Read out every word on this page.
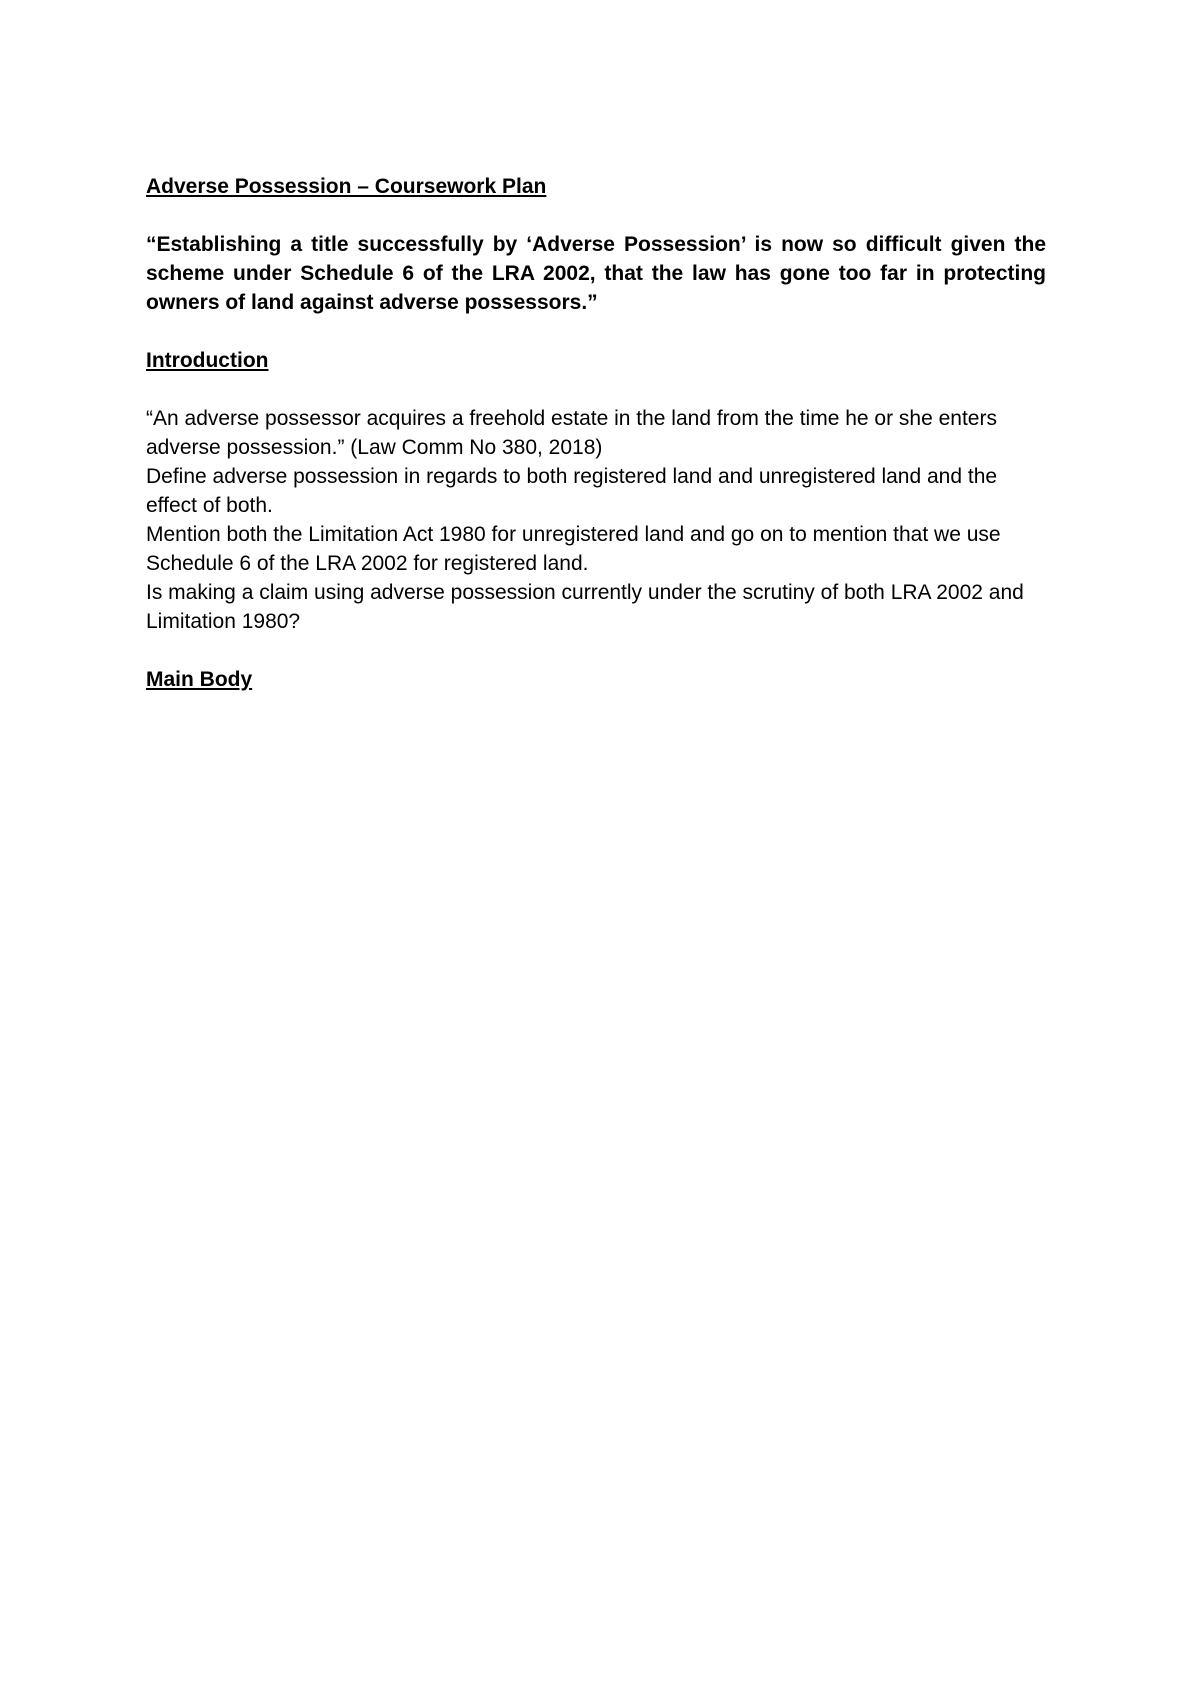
Adverse Possession – Coursework Plan

“Establishing a title successfully by ‘Adverse Possession’ is now so difficult given the scheme under Schedule 6 of the LRA 2002, that the law has gone too far in protecting owners of land against adverse possessors.”

Introduction

“An adverse possessor acquires a freehold estate in the land from the time he or she enters adverse possession.” (Law Comm No 380, 2018)

Define adverse possession in regards to both registered land and unregistered land and the effect of both.

Mention both the Limitation Act 1980 for unregistered land and go on to mention that we use Schedule 6 of the LRA 2002 for registered land.

Is making a claim using adverse possession currently under the scrutiny of both LRA 2002 and Limitation 1980?

Main Body
